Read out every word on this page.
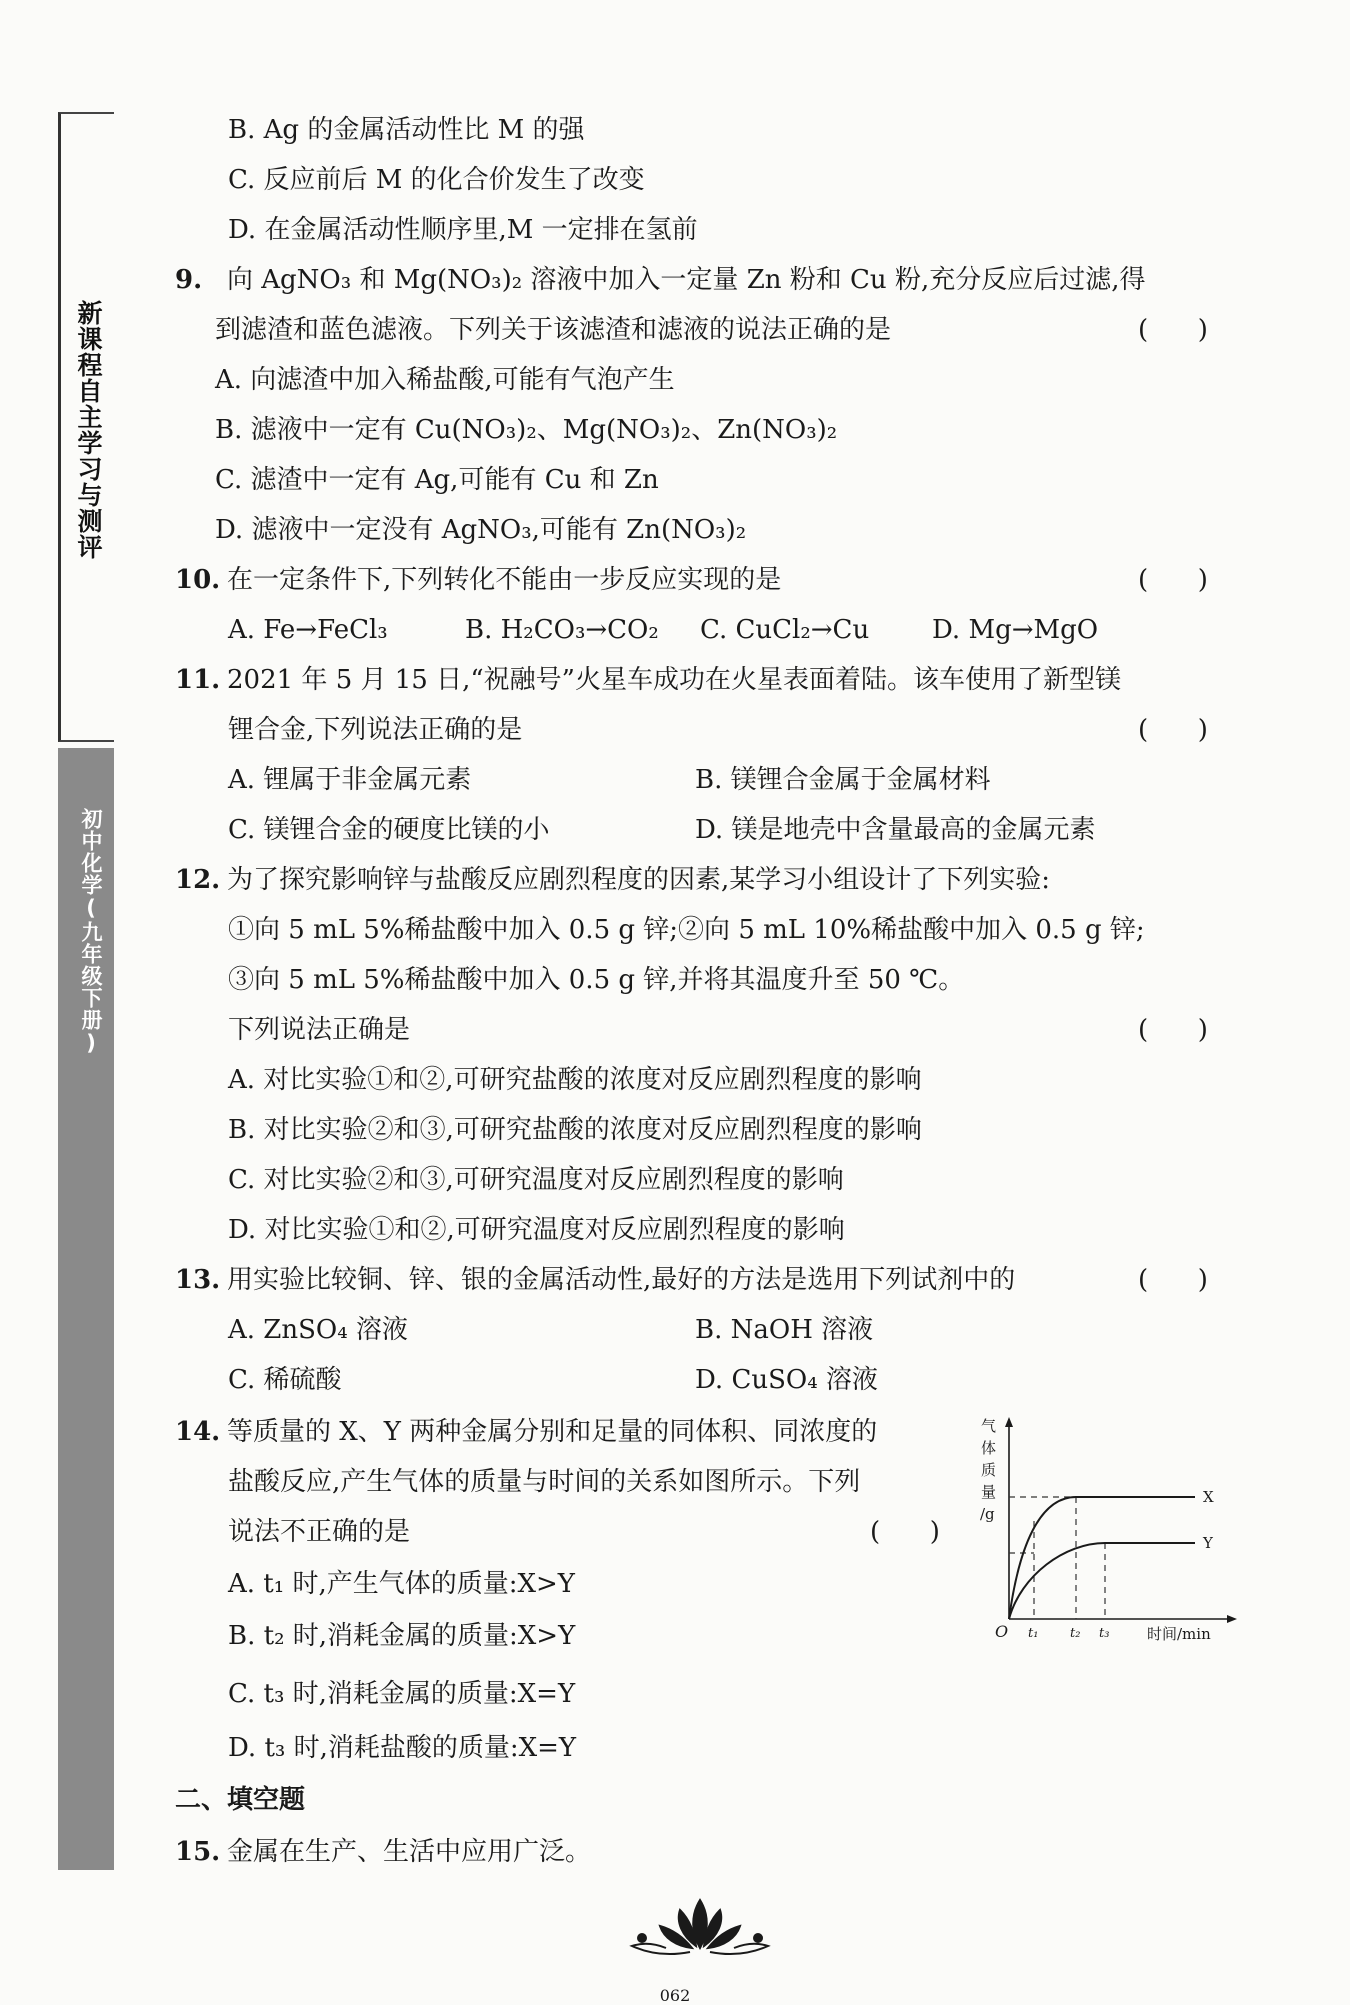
新课程自主学习与测评
初中化学(九年级下册)
B. Ag 的金属活动性比 M 的强
C. 反应前后 M 的化合价发生了改变
D. 在金属活动性顺序里,M 一定排在氢前
9. 向 AgNO₃ 和 Mg(NO₃)₂ 溶液中加入一定量 Zn 粉和 Cu 粉,充分反应后过滤,得
到滤渣和蓝色滤液。下列关于该滤渣和滤液的说法正确的是	(      )
A. 向滤渣中加入稀盐酸,可能有气泡产生
B. 滤液中一定有 Cu(NO₃)₂、Mg(NO₃)₂、Zn(NO₃)₂
C. 滤渣中一定有 Ag,可能有 Cu 和 Zn
D. 滤液中一定没有 AgNO₃,可能有 Zn(NO₃)₂
10. 在一定条件下,下列转化不能由一步反应实现的是	(      )
A. Fe→FeCl₃	B. H₂CO₃→CO₂ C. CuCl₂→Cu D. Mg→MgO
11. 2021 年 5 月 15 日,“祝融号”火星车成功在火星表面着陆。该车使用了新型镁
锂合金,下列说法正确的是	(      )
A. 锂属于非金属元素	B. 镁锂合金属于金属材料
C. 镁锂合金的硬度比镁的小	D. 镁是地壳中含量最高的金属元素
12. 为了探究影响锌与盐酸反应剧烈程度的因素,某学习小组设计了下列实验:
①向 5 mL 5%稀盐酸中加入 0.5 g 锌;②向 5 mL 10%稀盐酸中加入 0.5 g 锌;
③向 5 mL 5%稀盐酸中加入 0.5 g 锌,并将其温度升至 50 ℃。
下列说法正确是	(      )
A. 对比实验①和②,可研究盐酸的浓度对反应剧烈程度的影响
B. 对比实验②和③,可研究盐酸的浓度对反应剧烈程度的影响
C. 对比实验②和③,可研究温度对反应剧烈程度的影响
D. 对比实验①和②,可研究温度对反应剧烈程度的影响
13. 用实验比较铜、锌、银的金属活动性,最好的方法是选用下列试剂中的	(      )
A. ZnSO₄ 溶液	B. NaOH 溶液
C. 稀硫酸	D. CuSO₄ 溶液
14. 等质量的 X、Y 两种金属分别和足量的同体积、同浓度的
盐酸反应,产生气体的质量与时间的关系如图所示。下列
说法不正确的是	(      )
A. t₁ 时,产生气体的质量:X>Y
B. t₂ 时,消耗金属的质量:X>Y
C. t₃ 时,消耗金属的质量:X=Y
D. t₃ 时,消耗盐酸的质量:X=Y
气
体
质
量
/g
X
Y
O t₁ t₂ t₃	时间/min
二、填空题
15. 金属在生产、生活中应用广泛。
062
